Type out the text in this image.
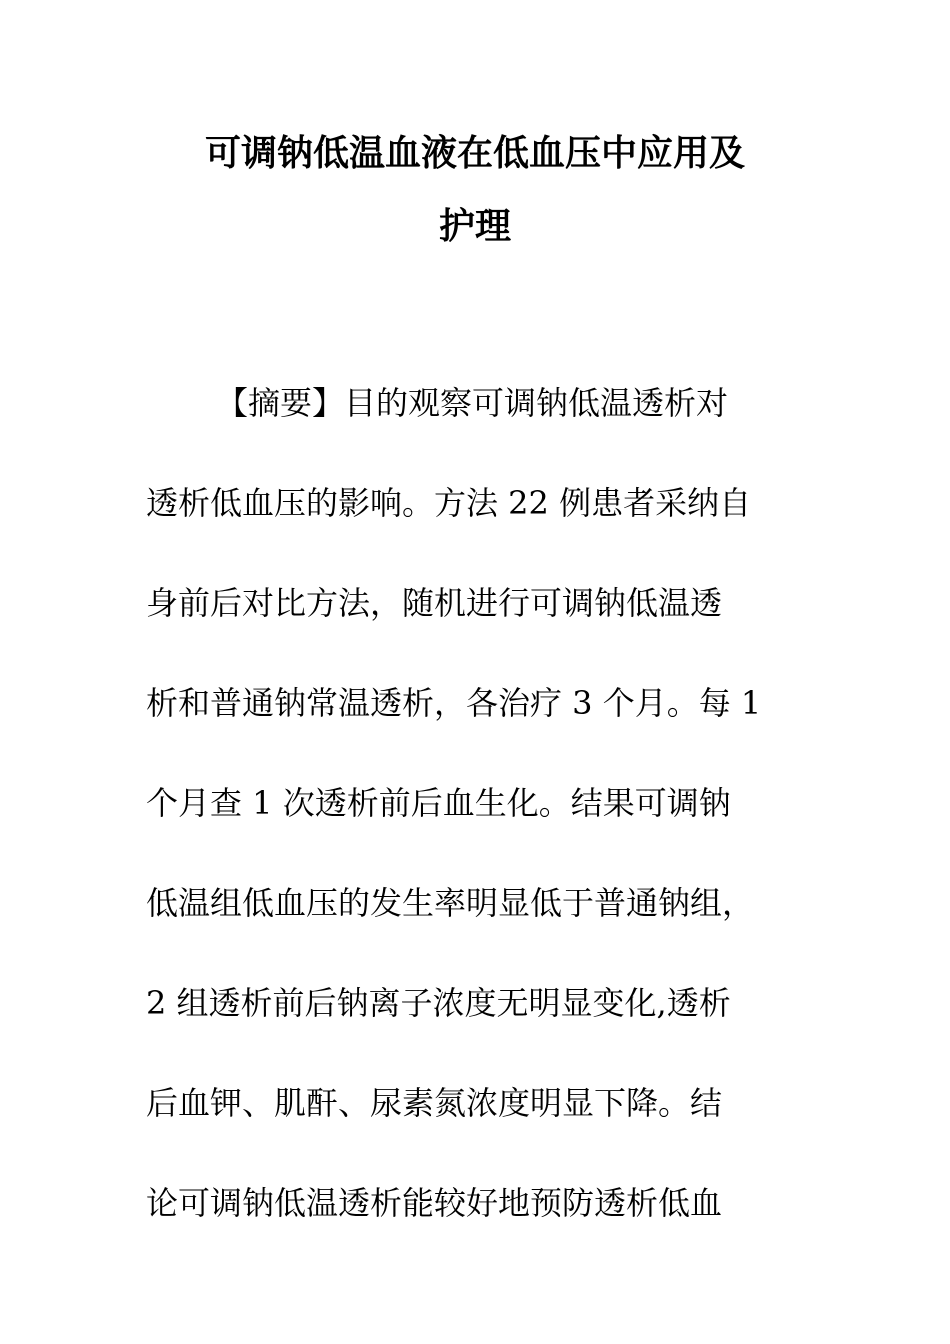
可调钠低温血液在低血压中应用及
护理
【摘要】目的观察可调钠低温透析对
透析低血压的影响。方法 22 例患者采纳自
身前后对比方法，随机进行可调钠低温透
析和普通钠常温透析，各治疗 3 个月。每 1
个月查 1 次透析前后血生化。结果可调钠
低温组低血压的发生率明显低于普通钠组，
2 组透析前后钠离子浓度无明显变化,透析
后血钾、肌酐、尿素氮浓度明显下降。结
论可调钠低温透析能较好地预防透析低血
